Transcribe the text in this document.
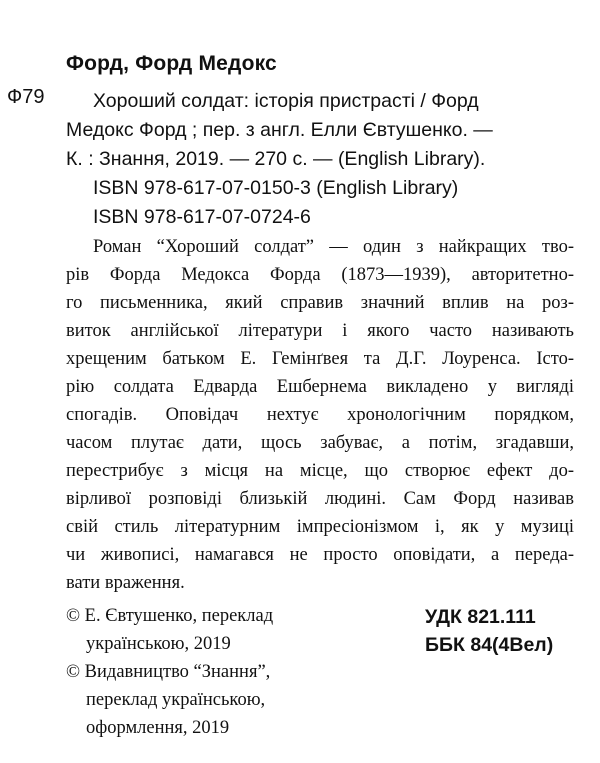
Форд, Форд Медокс
Ф79 Хороший солдат: історія пристрасті / Форд
Медокс Форд ; пер. з англ. Елли Євтушенко. —
К. : Знання, 2019. — 270 с. — (English Library).
ISBN 978-617-07-0150-3 (English Library)
ISBN 978-617-07-0724-6
Роман “Хороший солдат” — один з найкращих тво-
рів Форда Медокса Форда (1873—1939), авторитетно-
го письменника, який справив значний вплив на роз-
виток англійської літератури і якого часто називають
хрещеним батьком Е. Гемінґвея та Д.Г. Лоуренса. Істо-
рію солдата Едварда Ешбернема викладено у вигляді
спогадів. Оповідач нехтує хронологічним порядком,
часом плутає дати, щось забуває, а потім, згадавши,
перестрибує з місця на місце, що створює ефект до-
вірливої розповіді близькій людині. Сам Форд називав
свій стиль літературним імпресіонізмом і, як у музиці
чи живописі, намагався не просто оповідати, а переда-
вати враження.
УДК 821.111
ББК 84(4Вел)
© Е. Євтушенко, переклад
українською, 2019
© Видавництво “Знання”,
переклад українською,
оформлення, 2019
